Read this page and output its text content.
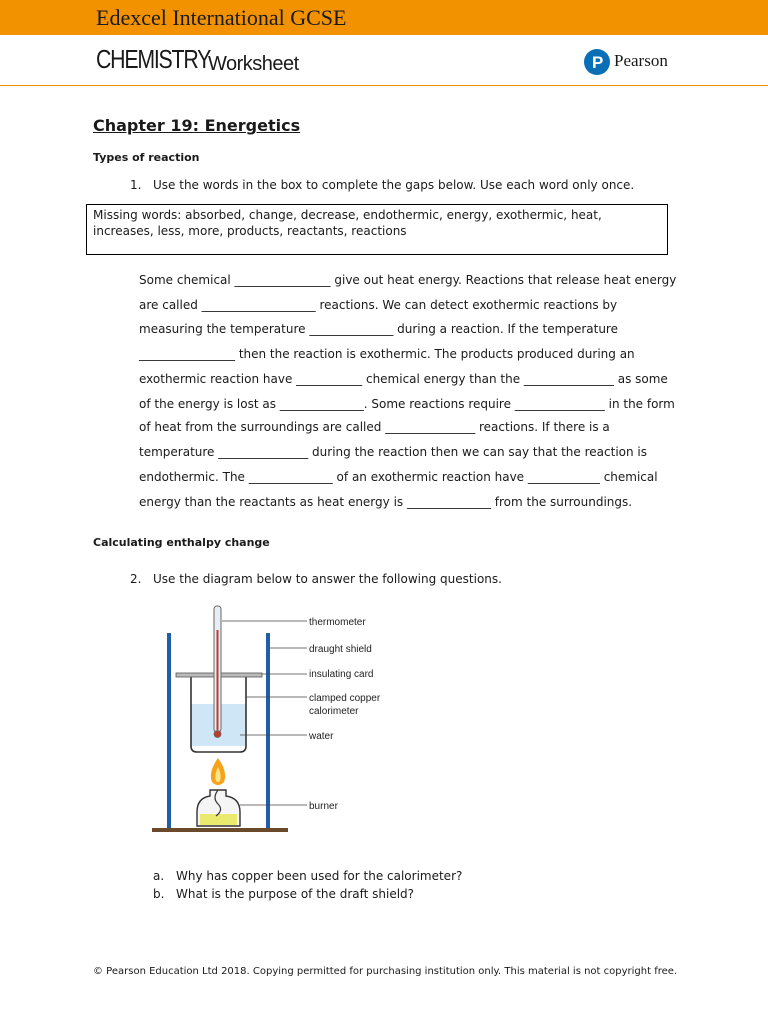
Edexcel International GCSE
CHEMISTRY
Worksheet	P Pearson
Chapter 19: Energetics
Types of reaction
1. Use the words in the box to complete the gaps below. Use each word only once.
Missing words: absorbed, change, decrease, endothermic, energy, exothermic, heat, increases, less, more, products, reactants, reactions
Some chemical ________________ give out heat energy. Reactions that release heat energy
are called ___________________ reactions. We can detect exothermic reactions by
measuring the temperature ______________ during a reaction. If the temperature
________________ then the reaction is exothermic. The products produced during an
exothermic reaction have ___________ chemical energy than the _______________ as some
of the energy is lost as ______________. Some reactions require _______________ in the form
of heat from the surroundings are called _______________ reactions. If there is a
temperature _______________ during the reaction then we can say that the reaction is
endothermic. The ______________ of an exothermic reaction have ____________ chemical
energy than the reactants as heat energy is ______________ from the surroundings.
Calculating enthalpy change
2. Use the diagram below to answer the following questions.
thermometer
draught shield
insulating card
clamped copper
calorimeter
water
burner
a. Why has copper been used for the calorimeter?
b. What is the purpose of the draft shield?
© Pearson Education Ltd 2018. Copying permitted for purchasing institution only. This material is not copyright free.
